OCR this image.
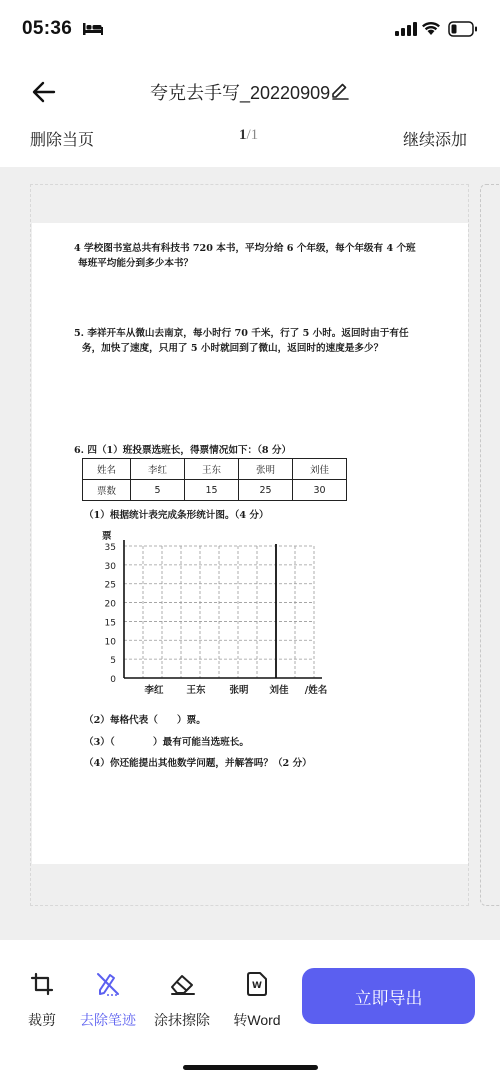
05:36
夸克去手写_20220909
删除当页	1/1	继续添加
4 学校图书室总共有科技书 720 本书，平均分给 6 个年级，每个年级有 4 个班
每班平均能分到多少本书？
5. 李祥开车从微山去南京，每小时行 70 千米，行了 5 小时。返回时由于有任
务，加快了速度，只用了 5 小时就回到了微山，返回时的速度是多少？
6. 四（1）班投票选班长，得票情况如下：（8 分）
姓名	李红	王东	张明	刘佳
票数	5	15	25	30
（1）根据统计表完成条形统计图。（4 分）
35
30
25
20
15
10
5
0
票
李红 王东	张明 刘佳 /姓名
（2）每格代表（　　）票。
（3）（　　　　）最有可能当选班长。
（4）你还能提出其他数学问题，并解答吗？（2 分）
裁剪	去除笔迹 涂抹擦除
W
转Word
立即导出
